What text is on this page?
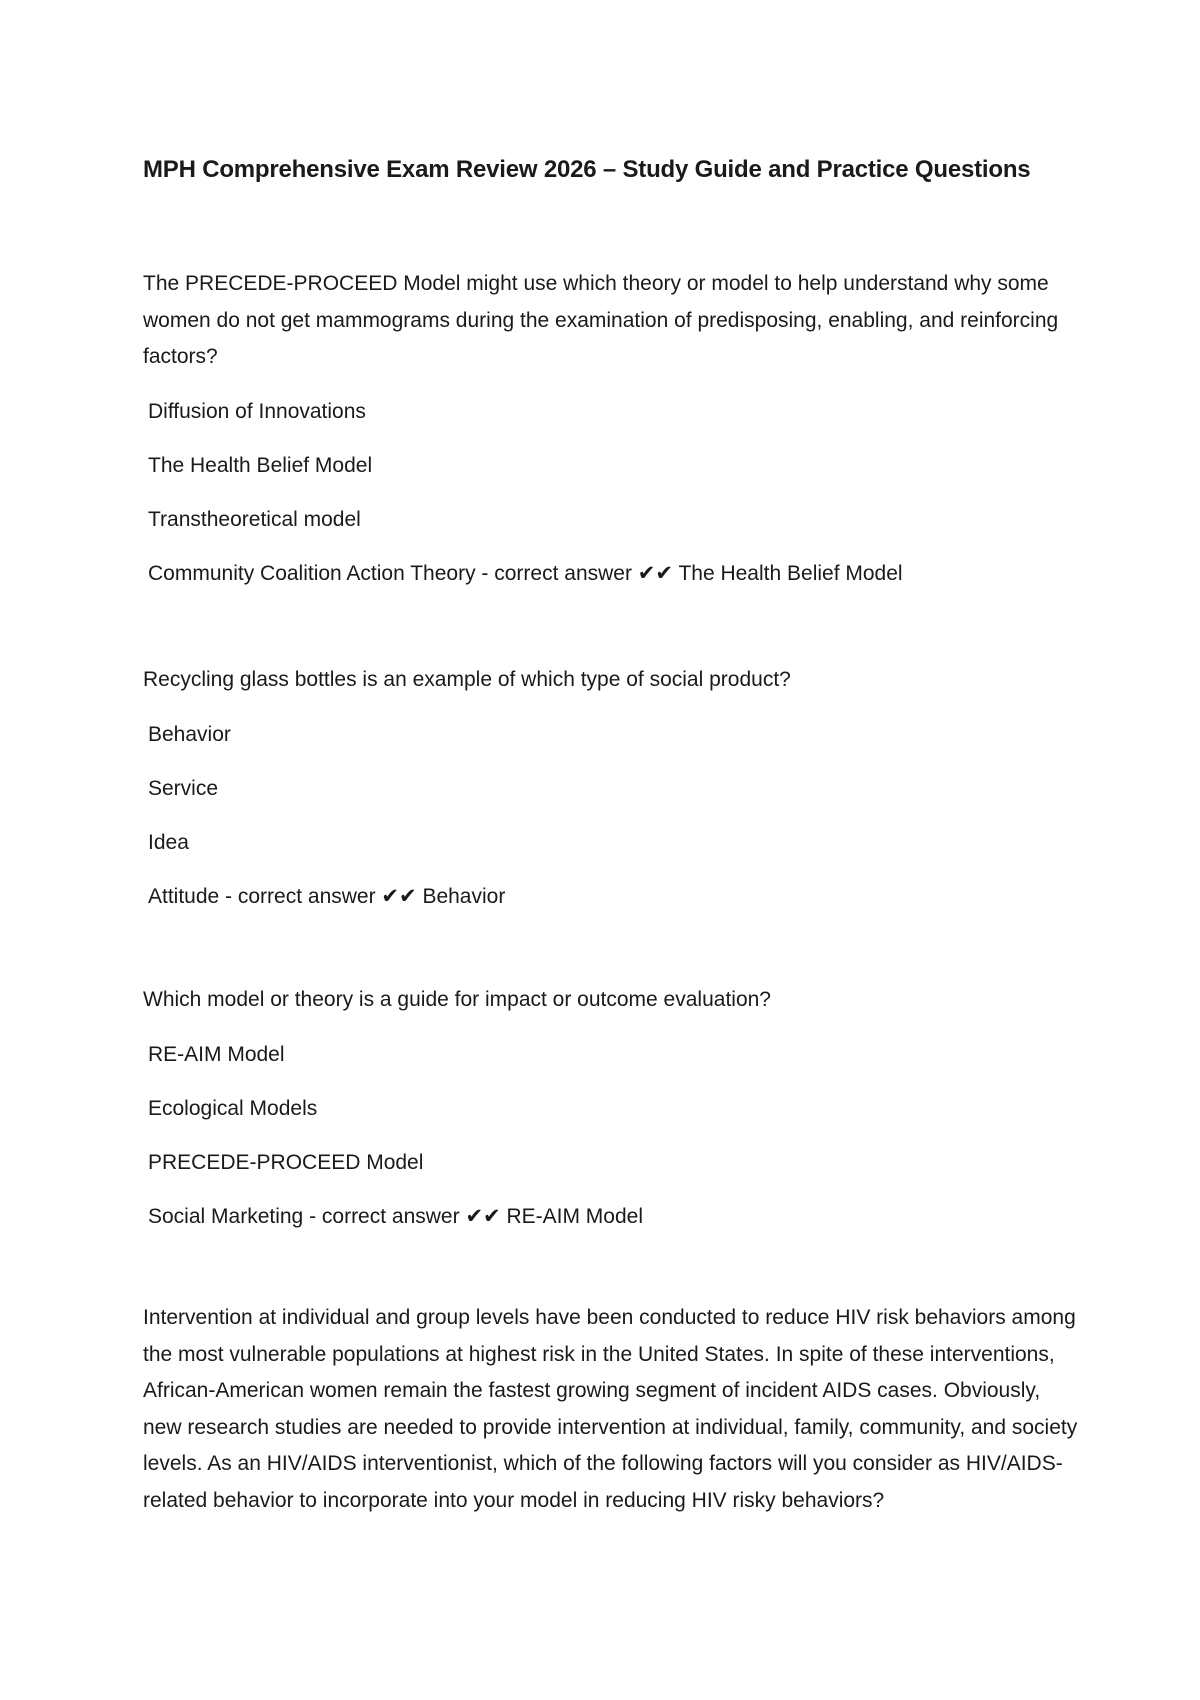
MPH Comprehensive Exam Review 2026 – Study Guide and Practice Questions

The PRECEDE-PROCEED Model might use which theory or model to help understand why some women do not get mammograms during the examination of predisposing, enabling, and reinforcing factors?

Diffusion of Innovations

The Health Belief Model

Transtheoretical model

Community Coalition Action Theory - correct answer ✔✔ The Health Belief Model

Recycling glass bottles is an example of which type of social product?

Behavior

Service

Idea

Attitude - correct answer ✔✔ Behavior

Which model or theory is a guide for impact or outcome evaluation?

RE-AIM Model

Ecological Models

PRECEDE-PROCEED Model

Social Marketing - correct answer ✔✔ RE-AIM Model

Intervention at individual and group levels have been conducted to reduce HIV risk behaviors among the most vulnerable populations at highest risk in the United States. In spite of these interventions, African-American women remain the fastest growing segment of incident AIDS cases. Obviously, new research studies are needed to provide intervention at individual, family, community, and society levels. As an HIV/AIDS interventionist, which of the following factors will you consider as HIV/AIDS-related behavior to incorporate into your model in reducing HIV risky behaviors?
